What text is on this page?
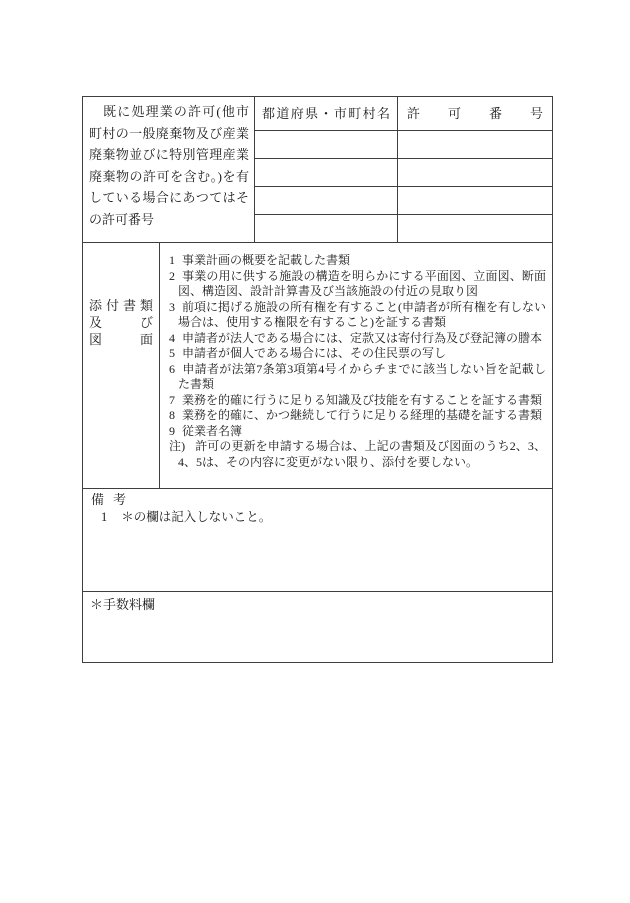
　既に処理業の許可(他市町村の一般廃棄物及び産業廃棄物並びに特別管理産業廃棄物の許可を含む。)を有している場合にあつてはその許可番号
都道府県・市町村名	許可番号
添付書類
及び
図面
1 事業計画の概要を記載した書類
2 事業の用に供する施設の構造を明らかにする平面図、立面図、断面図、構造図、設計計算書及び当該施設の付近の見取り図
3 前項に掲げる施設の所有権を有すること(申請者が所有権を有しない場合は、使用する権限を有すること)を証する書類
4 申請者が法人である場合には、定款又は寄付行為及び登記簿の謄本
5 申請者が個人である場合には、その住民票の写し
6 申請者が法第7条第3項第4号イからチまでに該当しない旨を記載した書類
7 業務を的確に行うに足りる知識及び技能を有することを証する書類
8 業務を的確に、かつ継続して行うに足りる経理的基礎を証する書類
9 従業者名簿
注) 許可の更新を申請する場合は、上記の書類及び図面のうち2、3、4、5は、その内容に変更がない限り、添付を要しない。
備考
1 ＊の欄は記入しないこと。
＊手数料欄
